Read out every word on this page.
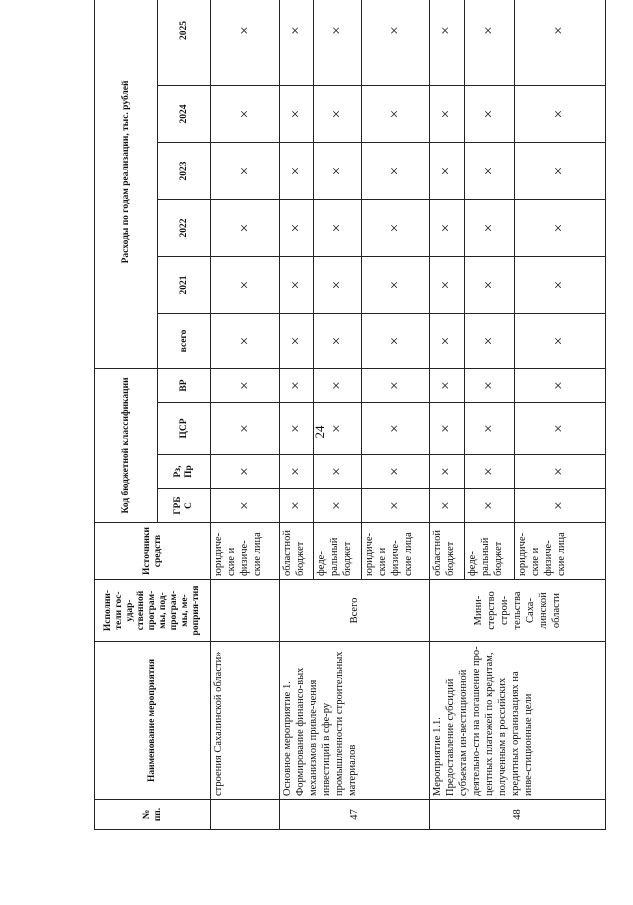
24
№ пп.	Наименование мероприятия	Исполни-тели гос-удар-ственной програм-мы, под-програм-мы, ме-роприя-тия	Источники средств	Код бюджетной классификации				Расходы по годам реализации, тыс. рублей					
				ГРБ С	Рз, Пр	ЦСР	ВР	всего	2021	2022	2023	2024	2025
	строения Сахалинской области»		юридиче-ские и физиче-ские лица	×	×	×	×	×	×	×	×	×	×
47	Основное мероприятие 1. Формирование финансо-вых механизмов привле-чения инвестиций в сфе-ру промышленности строительных материалов	Всего	областной бюджет	×	×	×	×	×	×	×	×	×	×
			феде-ральный бюджет	×	×	×	×	×	×	×	×	×	×
			юридиче-ские и физиче-ские лица	×	×	×	×	×	×	×	×	×	×
48	Мероприятие 1.1. Предоставление субсидий субъектам ин-вестиционной деятельно-сти на погашение про-центных платежей по кредитам, полученным в российских кредитных организациях на инве-стиционные цели	Мини-стерство строи-тельства Саха-линской области	областной бюджет	×	×	×	×	×	×	×	×	×	×
			феде-ральный бюджет	×	×	×	×	×	×	×	×	×	×
			юридиче-ские и физиче-ские лица	×	×	×	×	×	×	×	×	×	×
